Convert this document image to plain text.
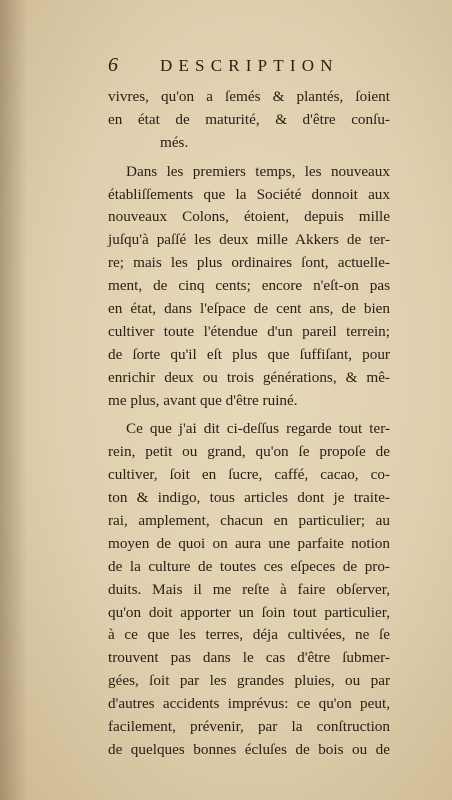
6 DESCRIPTION
vivres, qu'on a ſemés & plantés, ſoient
en état de maturité, & d'être conſu-
més.
Dans les premiers temps, les nouveaux
établiſſements que la Société donnoit aux
nouveaux Colons, étoient, depuis mille
juſqu'à paſſé les deux mille Akkers de ter-
re; mais les plus ordinaires ſont, actuelle-
ment, de cinq cents; encore n'eſt-on pas
en état, dans l'eſpace de cent ans, de bien
cultiver toute l'étendue d'un pareil terrein;
de ſorte qu'il eſt plus que ſuffiſant, pour
enrichir deux ou trois générations, & mê-
me plus, avant que d'être ruiné.
Ce que j'ai dit ci-deſſus regarde tout ter-
rein, petit ou grand, qu'on ſe propoſe de
cultiver, ſoit en ſucre, caffé, cacao, co-
ton & indigo, tous articles dont je traite-
rai, amplement, chacun en particulier; au
moyen de quoi on aura une parfaite notion
de la culture de toutes ces eſpeces de pro-
duits. Mais il me reſte à faire obſerver,
qu'on doit apporter un ſoin tout particulier,
à ce que les terres, déja cultivées, ne ſe
trouvent pas dans le cas d'être ſubmer-
gées, ſoit par les grandes pluies, ou par
d'autres accidents imprévus: ce qu'on peut,
facilement, prévenir, par la conſtruction
de quelques bonnes écluſes de bois ou de
